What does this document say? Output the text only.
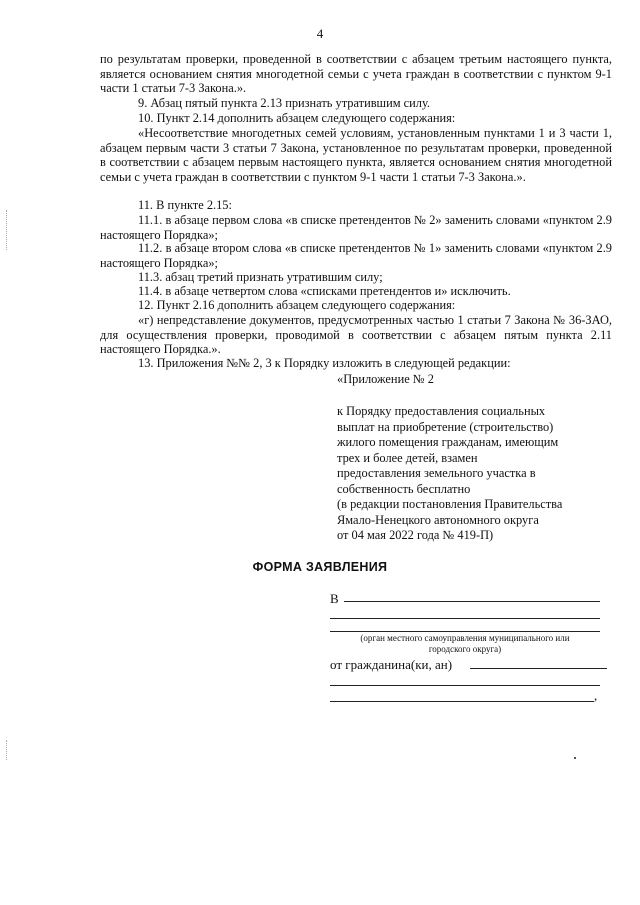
4

по результатам проверки, проведенной в соответствии с абзацем третьим настоящего пункта, является основанием снятия многодетной семьи с учета граждан в соответствии с пунктом 9-1 части 1 статьи 7-3 Закона.».

9. Абзац пятый пункта 2.13 признать утратившим силу.

10. Пункт 2.14 дополнить абзацем следующего содержания:

«Несоответствие многодетных семей условиям, установленным пунктами 1 и 3 части 1, абзацем первым части 3 статьи 7 Закона, установленное по результатам проверки, проведенной в соответствии с абзацем первым настоящего пункта, является основанием снятия многодетной семьи с учета граждан в соответствии с пунктом 9-1 части 1 статьи 7-3 Закона.».

11. В пункте 2.15:

11.1. в абзаце первом слова «в списке претендентов № 2» заменить словами «пунктом 2.9 настоящего Порядка»;

11.2. в абзаце втором слова «в списке претендентов № 1» заменить словами «пунктом 2.9 настоящего Порядка»;

11.3. абзац третий признать утратившим силу;

11.4. в абзаце четвертом слова «списками претендентов и» исключить.

12. Пункт 2.16 дополнить абзацем следующего содержания:

«г) непредставление документов, предусмотренных частью 1 статьи 7 Закона № 36-ЗАО, для осуществления проверки, проводимой в соответствии с абзацем пятым пункта 2.11 настоящего Порядка.».

13. Приложения №№ 2, 3 к Порядку изложить в следующей редакции:

«Приложение № 2
к Порядку предоставления социальных
выплат на приобретение (строительство)
жилого помещения гражданам, имеющим
трех и более детей, взамен
предоставления земельного участка в
собственность бесплатно
(в редакции постановления Правительства
Ямало-Ненецкого автономного округа
от 04 мая 2022 года № 419-П)
ФОРМА ЗАЯВЛЕНИЯ
В
(орган местного самоуправления муниципального или
городского округа)
от гражданина(ки, ан)
,
